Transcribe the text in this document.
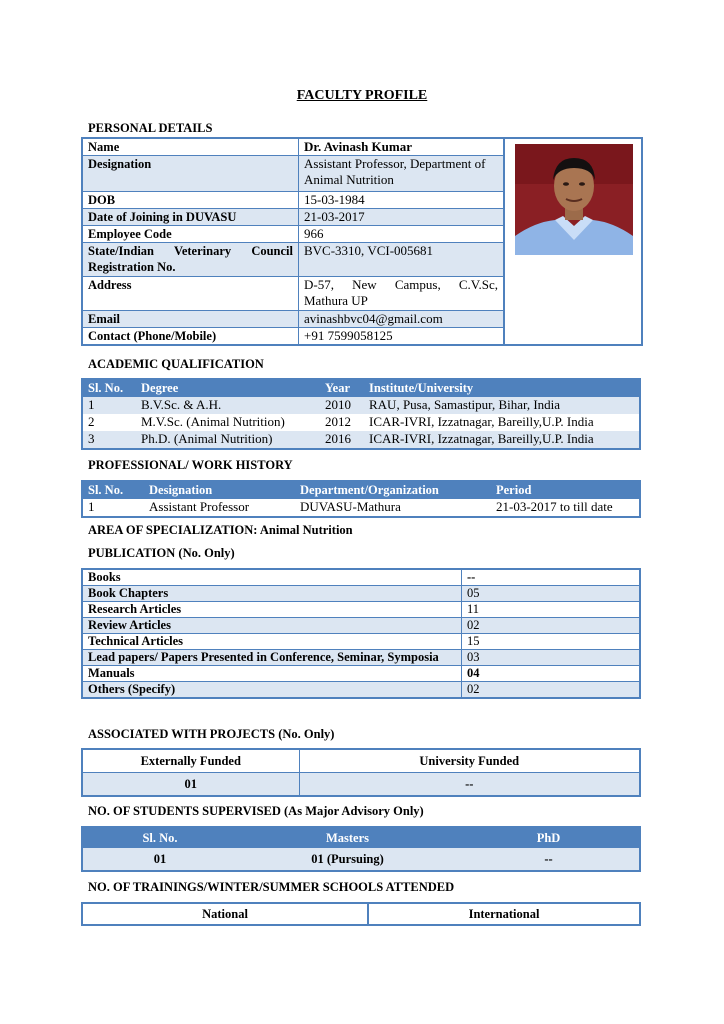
FACULTY PROFILE
PERSONAL DETAILS
Name	Dr. Avinash Kumar
Designation	Assistant Professor, Department of Animal Nutrition
DOB	15-03-1984
Date of Joining in DUVASU	21-03-2017
Employee Code	966
State/Indian Veterinary Council Registration No.	BVC-3310, VCI-005681
Address	D-57, New Campus, C.V.Sc, Mathura UP
Email	avinashbvc04@gmail.com
Contact (Phone/Mobile)	+91 7599058125
ACADEMIC QUALIFICATION
Sl. No.	Degree	Year	Institute/University
1	B.V.Sc. & A.H.	2010	RAU, Pusa, Samastipur, Bihar, India
2	M.V.Sc. (Animal Nutrition)	2012	ICAR-IVRI, Izzatnagar, Bareilly,U.P. India
3	Ph.D. (Animal Nutrition)	2016	ICAR-IVRI, Izzatnagar, Bareilly,U.P. India
PROFESSIONAL/ WORK HISTORY
Sl. No.	Designation	Department/Organization	Period
1	Assistant Professor	DUVASU-Mathura	21-03-2017 to till date
AREA OF SPECIALIZATION: Animal Nutrition
PUBLICATION (No. Only)
Books	--
Book Chapters	05
Research Articles	11
Review Articles	02
Technical Articles	15
Lead papers/ Papers Presented in Conference, Seminar, Symposia	03
Manuals	04
Others (Specify)	02
ASSOCIATED WITH PROJECTS (No. Only)
Externally Funded	University Funded
01	--
NO. OF STUDENTS SUPERVISED (As Major Advisory Only)
Sl. No.	Masters	PhD
01	01 (Pursuing)	--
NO. OF TRAININGS/WINTER/SUMMER SCHOOLS ATTENDED
National	International
